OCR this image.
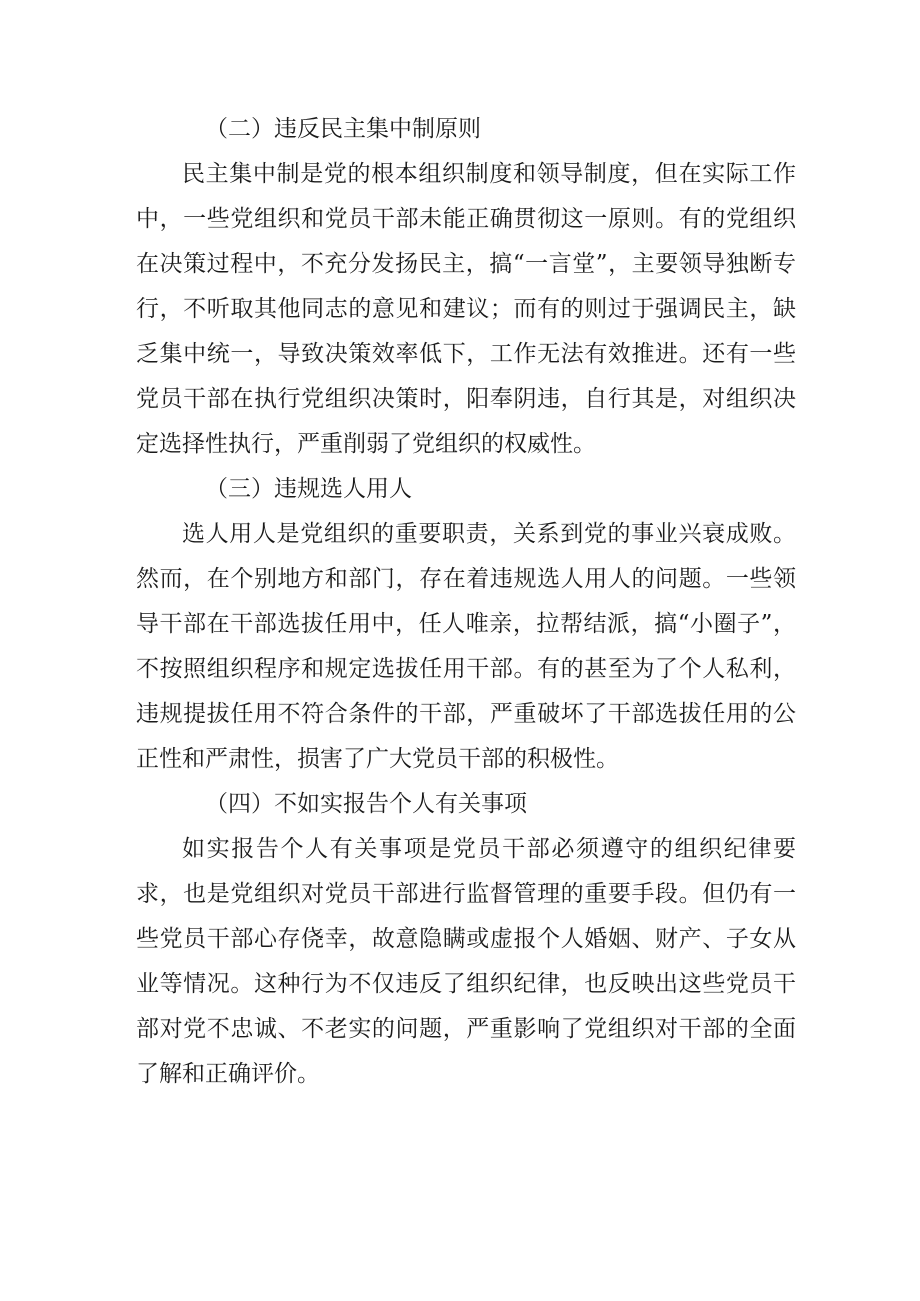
（二）违反民主集中制原则

民主集中制是党的根本组织制度和领导制度，但在实际工作中，一些党组织和党员干部未能正确贯彻这一原则。有的党组织在决策过程中，不充分发扬民主，搞“一言堂”，主要领导独断专行，不听取其他同志的意见和建议；而有的则过于强调民主，缺乏集中统一，导致决策效率低下，工作无法有效推进。还有一些党员干部在执行党组织决策时，阳奉阴违，自行其是，对组织决定选择性执行，严重削弱了党组织的权威性。

（三）违规选人用人

选人用人是党组织的重要职责，关系到党的事业兴衰成败。然而，在个别地方和部门，存在着违规选人用人的问题。一些领导干部在干部选拔任用中，任人唯亲，拉帮结派，搞“小圈子”，不按照组织程序和规定选拔任用干部。有的甚至为了个人私利，违规提拔任用不符合条件的干部，严重破坏了干部选拔任用的公正性和严肃性，损害了广大党员干部的积极性。

（四）不如实报告个人有关事项

如实报告个人有关事项是党员干部必须遵守的组织纪律要求，也是党组织对党员干部进行监督管理的重要手段。但仍有一些党员干部心存侥幸，故意隐瞒或虚报个人婚姻、财产、子女从业等情况。这种行为不仅违反了组织纪律，也反映出这些党员干部对党不忠诚、不老实的问题，严重影响了党组织对干部的全面了解和正确评价。
